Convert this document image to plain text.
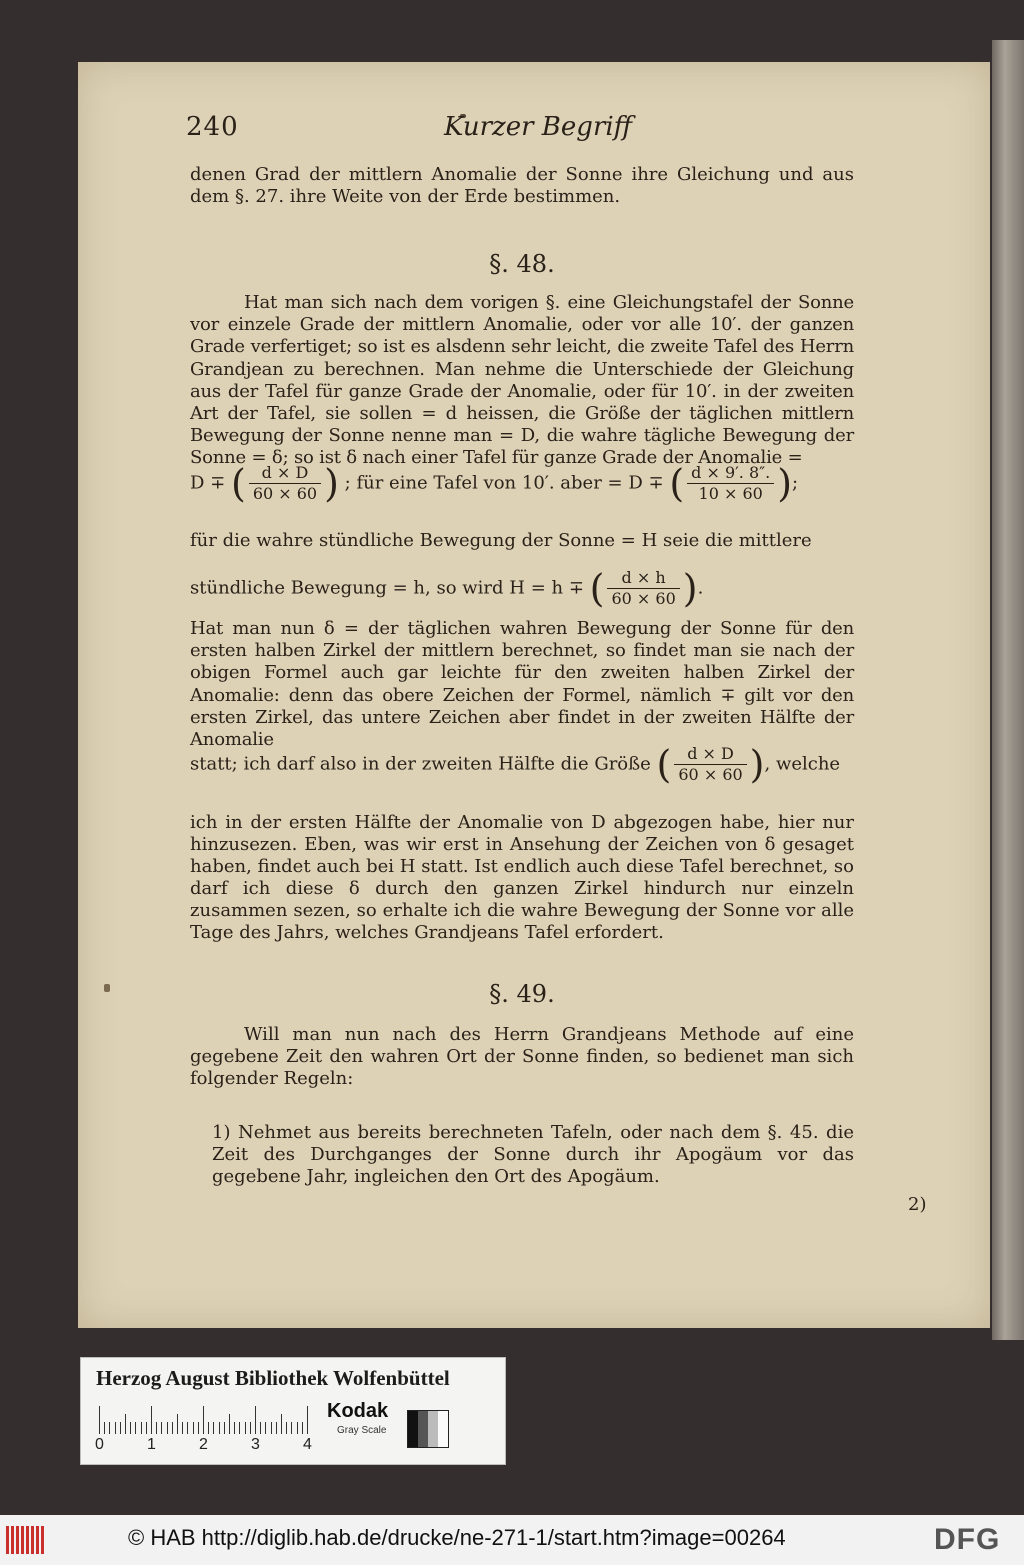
240	Kurzer Begriff
denen Grad der mittlern Anomalie der Sonne ihre Gleichung und aus dem §. 27. ihre Weite von der Erde bestimmen.
§. 48.
Hat man sich nach dem vorigen §. eine Gleichungstafel der Sonne vor einzele Grade der mittlern Anomalie, oder vor alle 10′. der ganzen Grade verfertiget; so ist es alsdenn sehr leicht, die zweite Tafel des Herrn Grandjean zu berechnen. Man nehme die Unterschiede der Gleichung aus der Tafel für ganze Grade der Anomalie, oder für 10′. in der zweiten Art der Tafel, sie sollen = d heissen, die Größe der täglichen mittlern Bewegung der Sonne nenne man = D, die wahre tägliche Bewegung der Sonne = δ; so ist δ nach einer Tafel für ganze Grade der Anomalie =
D ∓ ( $\frac{d ⨯ D}{60 ⨯ 60}$ ) ; für eine Tafel von 10′. aber = D ∓ ( $\frac{d ⨯ 9'. 8''.}{10 ⨯ 60}$ );
für die wahre stündliche Bewegung der Sonne = H seie die mittlere
stündliche Bewegung = h, so wird H = h ∓ ( $\frac{d ⨯ h}{60 ⨯ 60}$ ).
Hat man nun δ = der täglichen wahren Bewegung der Sonne für den ersten halben Zirkel der mittlern berechnet, so findet man sie nach der obigen Formel auch gar leichte für den zweiten halben Zirkel der Anomalie: denn das obere Zeichen der Formel, nämlich ∓ gilt vor den ersten Zirkel, das untere Zeichen aber findet in der zweiten Hälfte der Anomalie
statt; ich darf also in der zweiten Hälfte die Größe ( $\frac{d ⨯ D}{60 ⨯ 60}$ ), welche
ich in der ersten Hälfte der Anomalie von D abgezogen habe, hier nur hinzusezen. Eben, was wir erst in Ansehung der Zeichen von δ gesaget haben, findet auch bei H statt. Ist endlich auch diese Tafel berechnet, so darf ich diese δ durch den ganzen Zirkel hindurch nur einzeln zusammen sezen, so erhalte ich die wahre Bewegung der Sonne vor alle Tage des Jahrs, welches Grandjeans Tafel erfordert.
§. 49.
Will man nun nach des Herrn Grandjeans Methode auf eine gegebene Zeit den wahren Ort der Sonne finden, so bedienet man sich folgender Regeln:
1) Nehmet aus bereits berechneten Tafeln, oder nach dem §. 45. die Zeit des Durchganges der Sonne durch ihr Apogäum vor das gegebene Jahr, ingleichen den Ort des Apogäum.
2)
Herzog August Bibliothek Wolfenbüttel
0	1	2	3	4
Kodak
Gray Scale
© HAB http://diglib.hab.de/drucke/ne-271-1/start.htm?image=00264	DFG
